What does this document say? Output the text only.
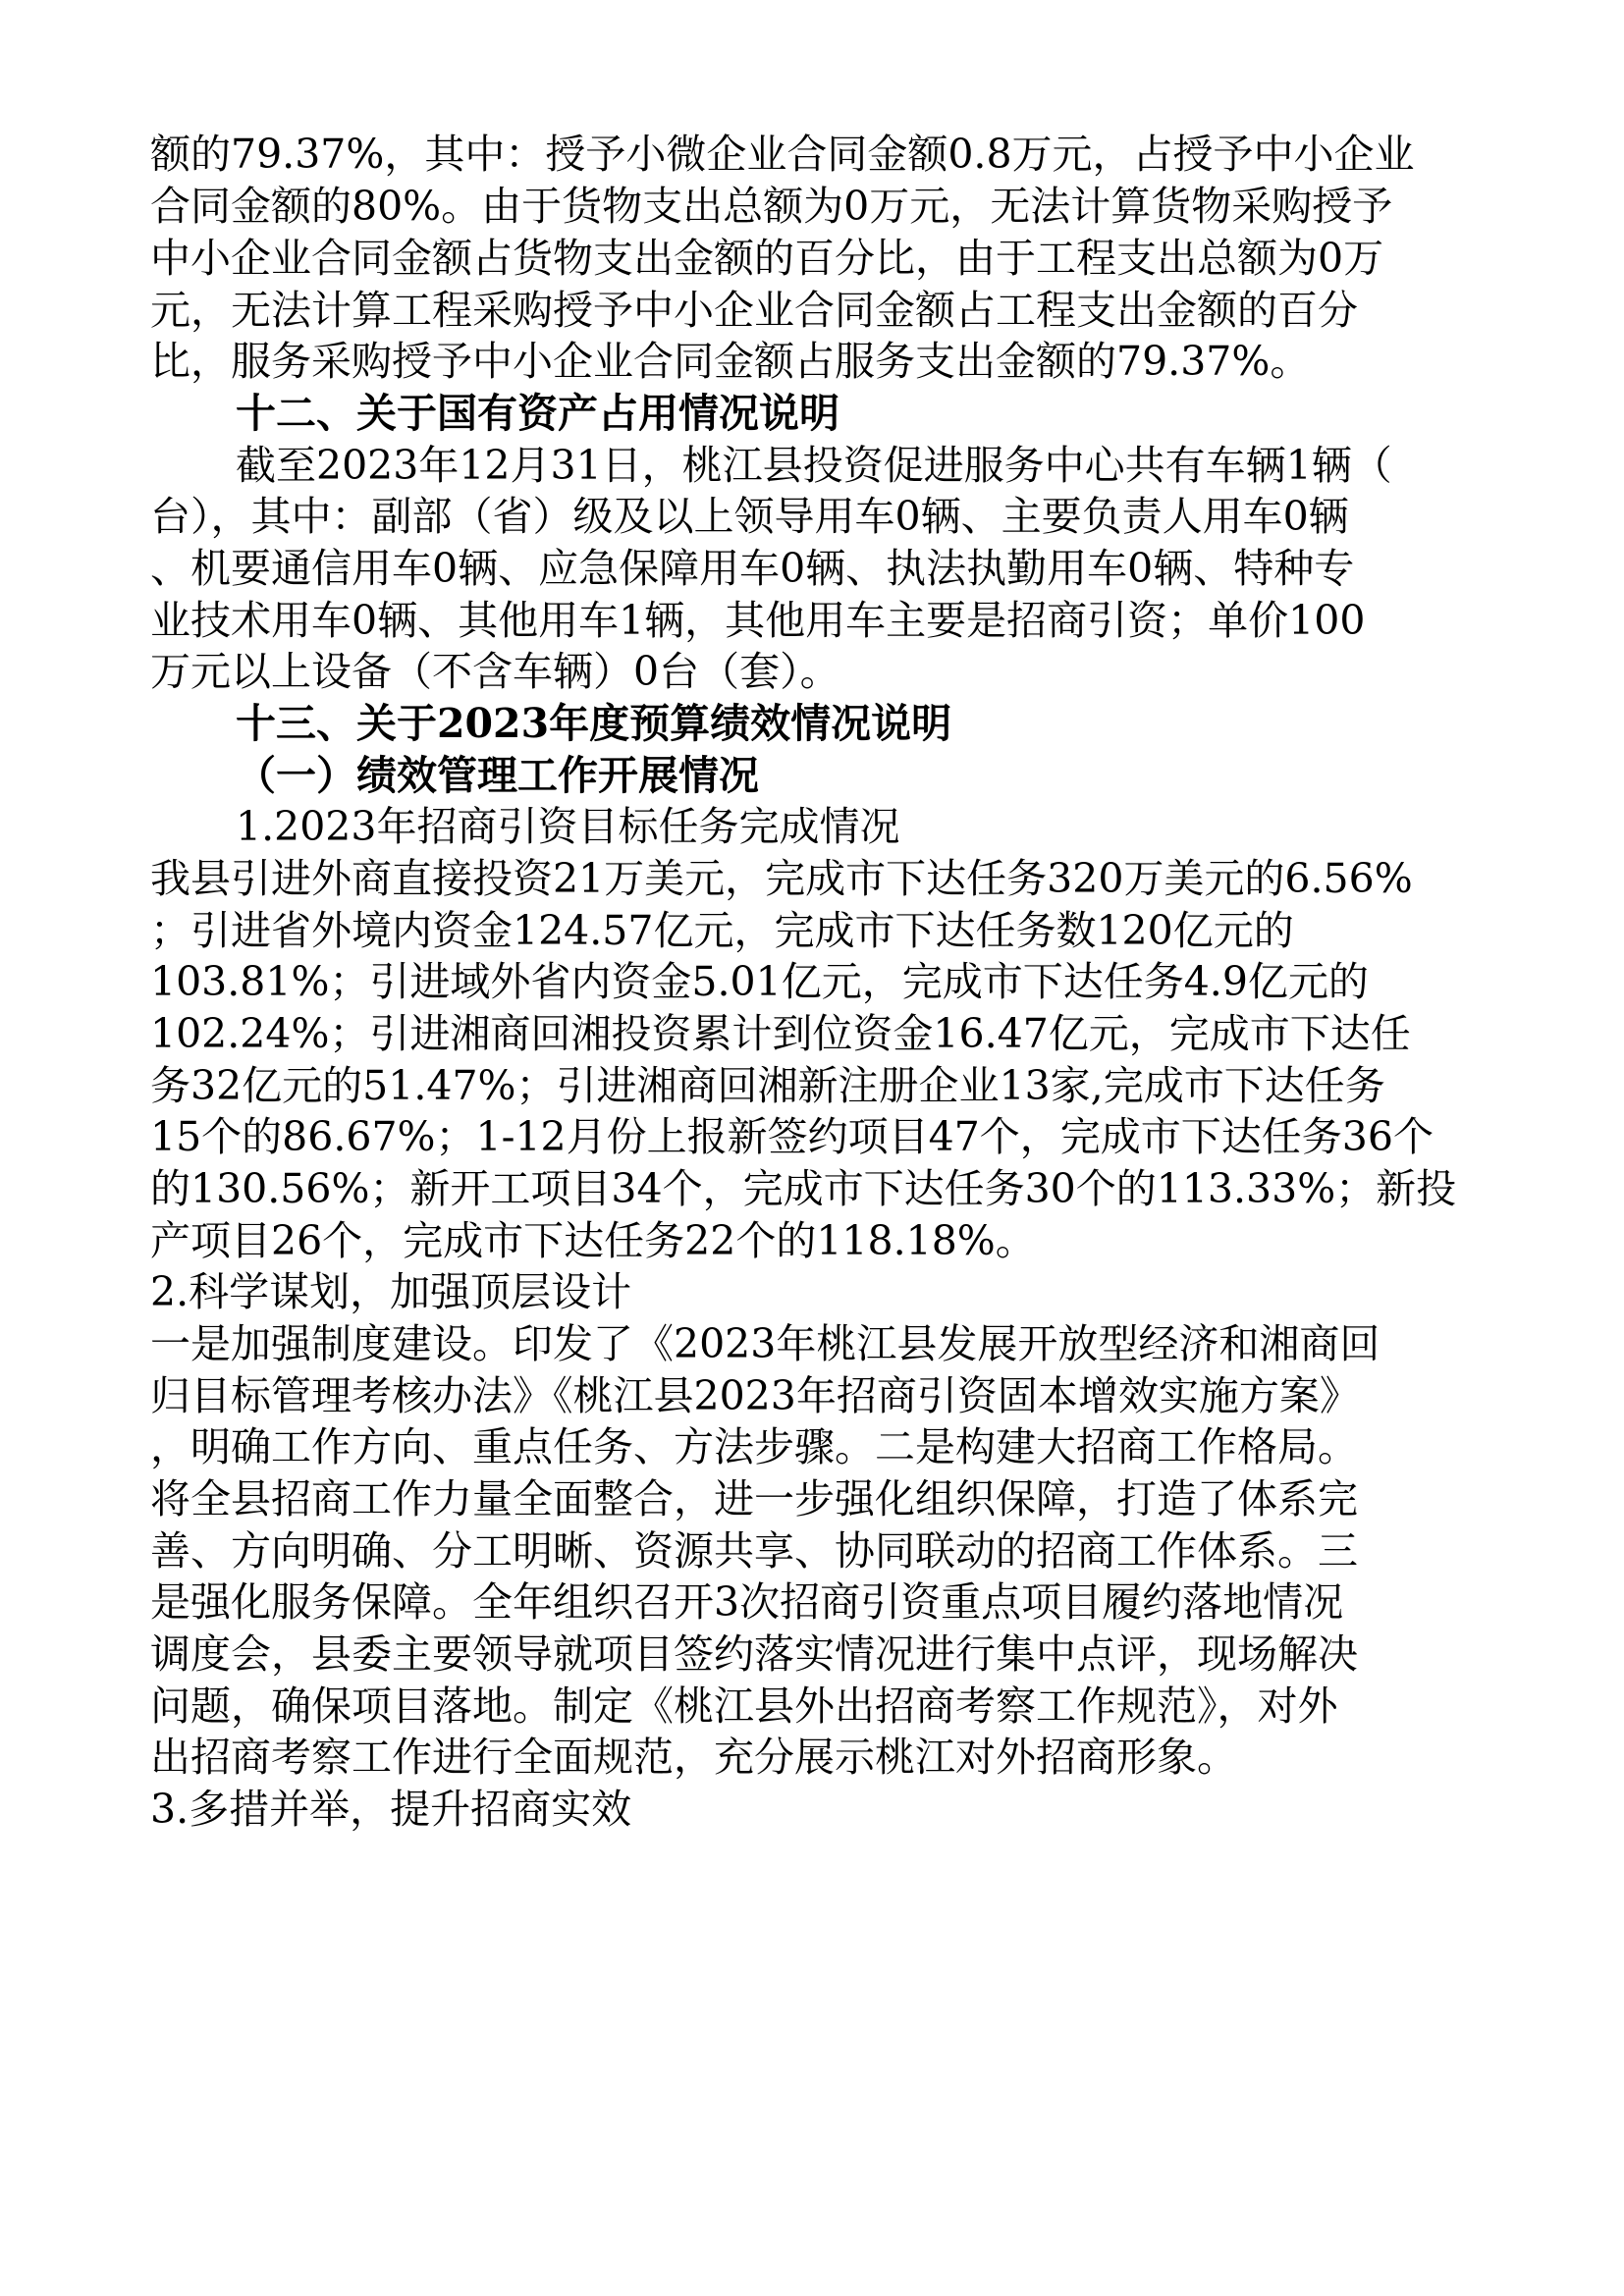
额的79.37%，其中：授予小微企业合同金额0.8万元，占授予中小企业

合同金额的80%。由于货物支出总额为0万元，无法计算货物采购授予

中小企业合同金额占货物支出金额的百分比，由于工程支出总额为0万

元，无法计算工程采购授予中小企业合同金额占工程支出金额的百分

比，服务采购授予中小企业合同金额占服务支出金额的79.37%。

十二、关于国有资产占用情况说明

截至2023年12月31日，桃江县投资促进服务中心共有车辆1辆（

台），其中：副部（省）级及以上领导用车0辆、主要负责人用车0辆

、机要通信用车0辆、应急保障用车0辆、执法执勤用车0辆、特种专

业技术用车0辆、其他用车1辆，其他用车主要是招商引资；单价100

万元以上设备（不含车辆）0台（套）。

十三、关于2023年度预算绩效情况说明

（一）绩效管理工作开展情况

1.2023年招商引资目标任务完成情况

我县引进外商直接投资21万美元，完成市下达任务320万美元的6.56%

；引进省外境内资金124.57亿元，完成市下达任务数120亿元的

103.81%；引进域外省内资金5.01亿元，完成市下达任务4.9亿元的

102.24%；引进湘商回湘投资累计到位资金16.47亿元，完成市下达任

务32亿元的51.47%；引进湘商回湘新注册企业13家,完成市下达任务

15个的86.67%；1-12月份上报新签约项目47个，完成市下达任务36个

的130.56%；新开工项目34个，完成市下达任务30个的113.33%；新投

产项目26个，完成市下达任务22个的118.18%。

2.科学谋划，加强顶层设计

一是加强制度建设。印发了《2023年桃江县发展开放型经济和湘商回

归目标管理考核办法》《桃江县2023年招商引资固本增效实施方案》

，明确工作方向、重点任务、方法步骤。二是构建大招商工作格局。

将全县招商工作力量全面整合，进一步强化组织保障，打造了体系完

善、方向明确、分工明晰、资源共享、协同联动的招商工作体系。三

是强化服务保障。全年组织召开3次招商引资重点项目履约落地情况

调度会，县委主要领导就项目签约落实情况进行集中点评，现场解决

问题，确保项目落地。制定《桃江县外出招商考察工作规范》，对外

出招商考察工作进行全面规范，充分展示桃江对外招商形象。

3.多措并举，提升招商实效
